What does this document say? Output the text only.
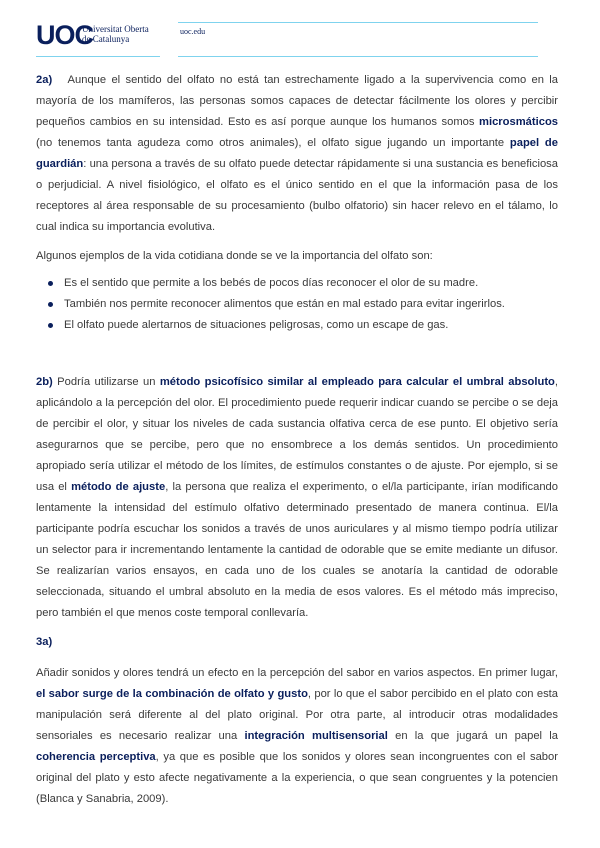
UOC
Universitat Oberta
de Catalunya
uoc.edu

2a) Aunque el sentido del olfato no está tan estrechamente ligado a la supervivencia como en la mayoría de los mamíferos, las personas somos capaces de detectar fácilmente los olores y percibir pequeños cambios en su intensidad. Esto es así porque aunque los humanos somos microsmáticos (no tenemos tanta agudeza como otros animales), el olfato sigue jugando un importante papel de guardián: una persona a través de su olfato puede detectar rápidamente si una sustancia es beneficiosa o perjudicial. A nivel fisiológico, el olfato es el único sentido en el que la información pasa de los receptores al área responsable de su procesamiento (bulbo olfatorio) sin hacer relevo en el tálamo, lo cual indica su importancia evolutiva.

Algunos ejemplos de la vida cotidiana donde se ve la importancia del olfato son:

Es el sentido que permite a los bebés de pocos días reconocer el olor de su madre.
También nos permite reconocer alimentos que están en mal estado para evitar ingerirlos.
El olfato puede alertarnos de situaciones peligrosas, como un escape de gas.

2b) Podría utilizarse un método psicofísico similar al empleado para calcular el umbral absoluto, aplicándolo a la percepción del olor. El procedimiento puede requerir indicar cuando se percibe o se deja de percibir el olor, y situar los niveles de cada sustancia olfativa cerca de ese punto. El objetivo sería asegurarnos que se percibe, pero que no ensombrece a los demás sentidos. Un procedimiento apropiado sería utilizar el método de los límites, de estímulos constantes o de ajuste. Por ejemplo, si se usa el método de ajuste, la persona que realiza el experimento, o el/la participante, irían modificando lentamente la intensidad del estímulo olfativo determinado presentado de manera continua. El/la participante podría escuchar los sonidos a través de unos auriculares y al mismo tiempo podría utilizar un selector para ir incrementando lentamente la cantidad de odorable que se emite mediante un difusor. Se realizarían varios ensayos, en cada uno de los cuales se anotaría la cantidad de odorable seleccionada, situando el umbral absoluto en la media de esos valores. Es el método más impreciso, pero también el que menos coste temporal conllevaría.

3a)

Añadir sonidos y olores tendrá un efecto en la percepción del sabor en varios aspectos. En primer lugar, el sabor surge de la combinación de olfato y gusto, por lo que el sabor percibido en el plato con esta manipulación será diferente al del plato original. Por otra parte, al introducir otras modalidades sensoriales es necesario realizar una integración multisensorial en la que jugará un papel la coherencia perceptiva, ya que es posible que los sonidos y olores sean incongruentes con el sabor original del plato y esto afecte negativamente a la experiencia, o que sean congruentes y la potencien (Blanca y Sanabria, 2009).
